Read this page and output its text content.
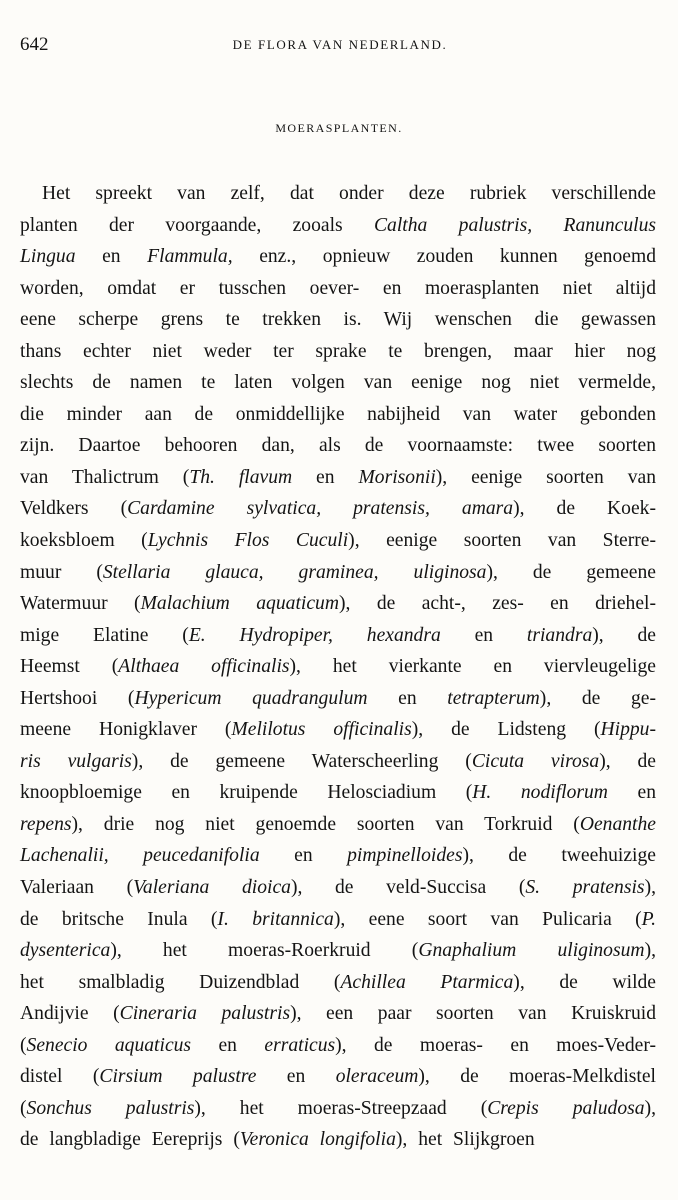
642	DE FLORA VAN NEDERLAND.
MOERASPLANTEN.
Het spreekt van zelf, dat onder deze rubriek verschillende
planten der voorgaande, zooals Caltha palustris, Ranunculus
Lingua en Flammula, enz., opnieuw zouden kunnen genoemd
worden, omdat er tusschen oever- en moerasplanten niet altijd
eene scherpe grens te trekken is. Wij wenschen die gewassen
thans echter niet weder ter sprake te brengen, maar hier nog
slechts de namen te laten volgen van eenige nog niet vermelde,
die minder aan de onmiddellijke nabijheid van water gebonden
zijn. Daartoe behooren dan, als de voornaamste: twee soorten
van Thalictrum (Th. flavum en Morisonii), eenige soorten van
Veldkers (Cardamine sylvatica, pratensis, amara), de Koek-
koeksbloem (Lychnis Flos Cuculi), eenige soorten van Sterre-
muur (Stellaria glauca, graminea, uliginosa), de gemeene
Watermuur (Malachium aquaticum), de acht-, zes- en driehel-
mige Elatine (E. Hydropiper, hexandra en triandra), de
Heemst (Althaea officinalis), het vierkante en viervleugelige
Hertshooi (Hypericum quadrangulum en tetrapterum), de ge-
meene Honigklaver (Melilotus officinalis), de Lidsteng (Hippu-
ris vulgaris), de gemeene Waterscheerling (Cicuta virosa), de
knoopbloemige en kruipende Helosciadium (H. nodiflorum en
repens), drie nog niet genoemde soorten van Torkruid (Oenanthe
Lachenalii, peucedanifolia en pimpinelloides), de tweehuizige
Valeriaan (Valeriana dioica), de veld-Succisa (S. pratensis),
de britsche Inula (I. britannica), eene soort van Pulicaria (P.
dysenterica), het moeras-Roerkruid (Gnaphalium uliginosum),
het smalbladig Duizendblad (Achillea Ptarmica), de wilde
Andijvie (Cineraria palustris), een paar soorten van Kruiskruid
(Senecio aquaticus en erraticus), de moeras- en moes-Veder-
distel (Cirsium palustre en oleraceum), de moeras-Melkdistel
(Sonchus palustris), het moeras-Streepzaad (Crepis paludosa),
de langbladige Eereprijs (Veronica longifolia), het Slijkgroen
